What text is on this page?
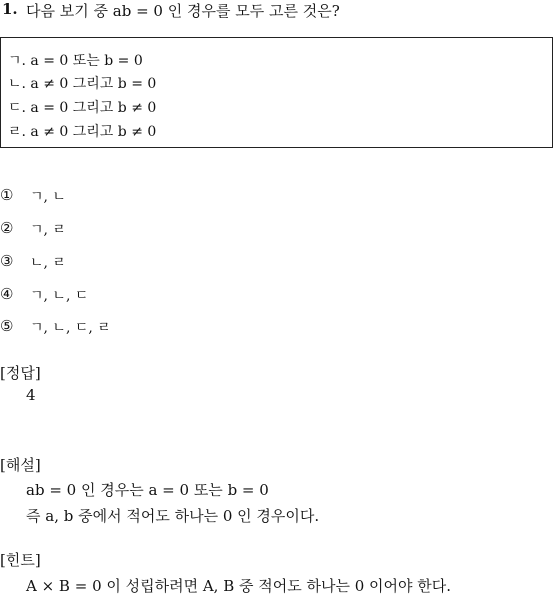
1. 다음 보기 중 ab = 0 인 경우를 모두 고른 것은?
ㄱ. a = 0 또는 b = 0
ㄴ. a ≠ 0 그리고 b = 0
ㄷ. a = 0 그리고 b ≠ 0
ㄹ. a ≠ 0 그리고 b ≠ 0
① ㄱ, ㄴ
② ㄱ, ㄹ
③ ㄴ, ㄹ
④ ㄱ, ㄴ, ㄷ
⑤ ㄱ, ㄴ, ㄷ, ㄹ
[정답]
4
[해설]
ab = 0 인 경우는 a = 0 또는 b = 0
즉 a, b 중에서 적어도 하나는 0 인 경우이다.
[힌트]
A × B = 0 이 성립하려면 A, B 중 적어도 하나는 0 이어야 한다.
